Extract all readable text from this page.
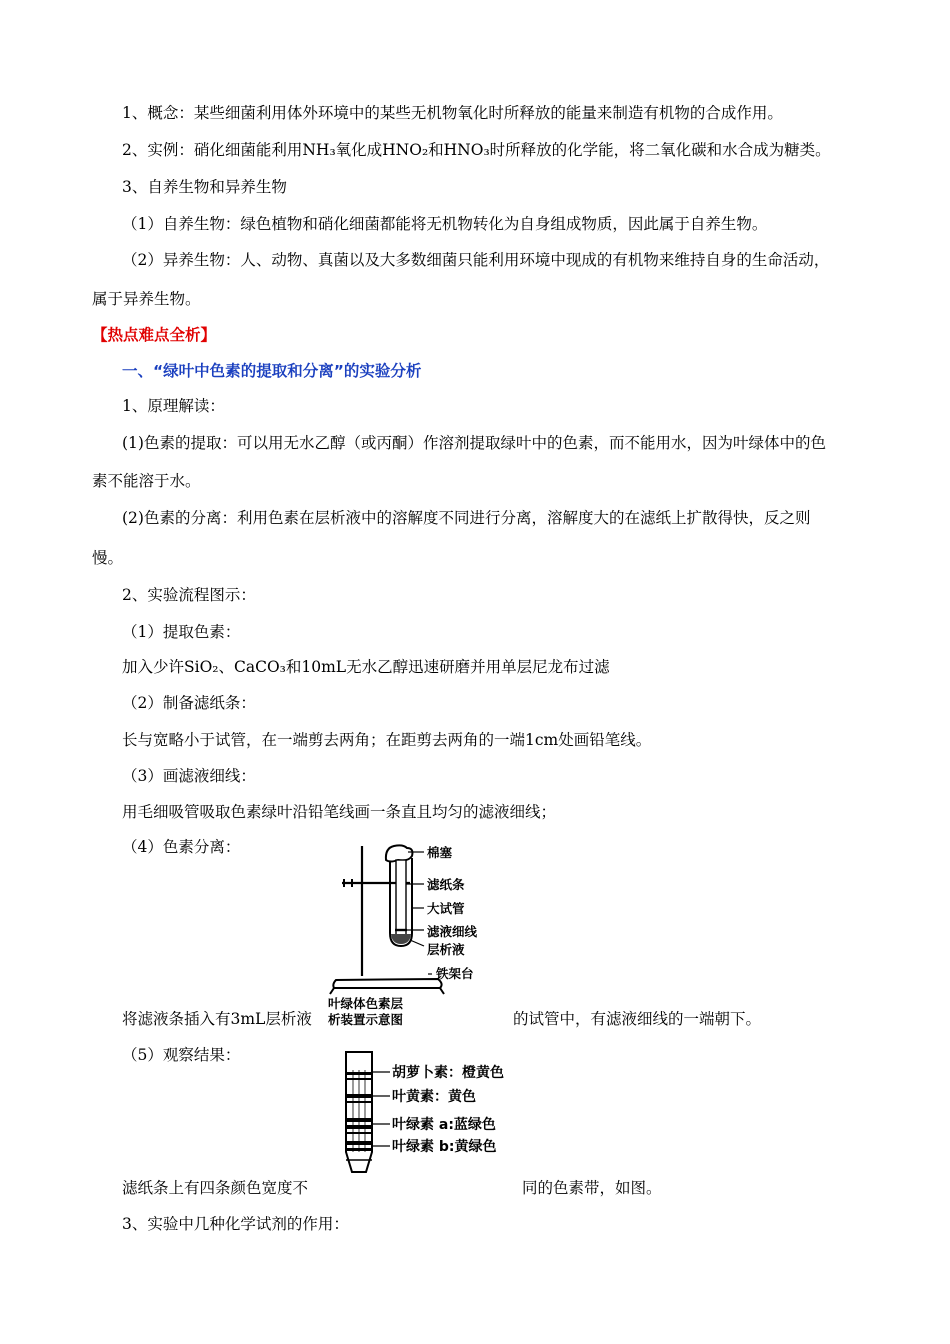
1、概念：某些细菌利用体外环境中的某些无机物氧化时所释放的能量来制造有机物的合成作用。
2、实例：硝化细菌能利用NH₃氧化成HNO₂和HNO₃时所释放的化学能，将二氧化碳和水合成为糖类。
3、自养生物和异养生物
（1）自养生物：绿色植物和硝化细菌都能将无机物转化为自身组成物质，因此属于自养生物。
（2）异养生物：人、动物、真菌以及大多数细菌只能利用环境中现成的有机物来维持自身的生命活动，
属于异养生物。
【热点难点全析】
一、“绿叶中色素的提取和分离”的实验分析
1、原理解读：
(1)色素的提取：可以用无水乙醇（或丙酮）作溶剂提取绿叶中的色素，而不能用水，因为叶绿体中的色
素不能溶于水。
(2)色素的分离：利用色素在层析液中的溶解度不同进行分离，溶解度大的在滤纸上扩散得快，反之则
慢。
2、实验流程图示：
（1）提取色素：
加入少许SiO₂、CaCO₃和10mL无水乙醇迅速研磨并用单层尼龙布过滤
（2）制备滤纸条：
长与宽略小于试管，在一端剪去两角；在距剪去两角的一端1cm处画铅笔线。
（3）画滤液细线：
用毛细吸管吸取色素绿叶沿铅笔线画一条直且均匀的滤液细线；
（4）色素分离：	棉塞
滤纸条
大试管
滤液细线
层析液
铁架台
叶绿体色素层
析装置示意图
将滤液条插入有3mL层析液	的试管中，有滤液细线的一端朝下。
（5）观察结果：
胡萝卜素：橙黄色
叶黄素：黄色
叶绿素 a:蓝绿色
叶绿素 b:黄绿色
滤纸条上有四条颜色宽度不	同的色素带，如图。
3、实验中几种化学试剂的作用：
